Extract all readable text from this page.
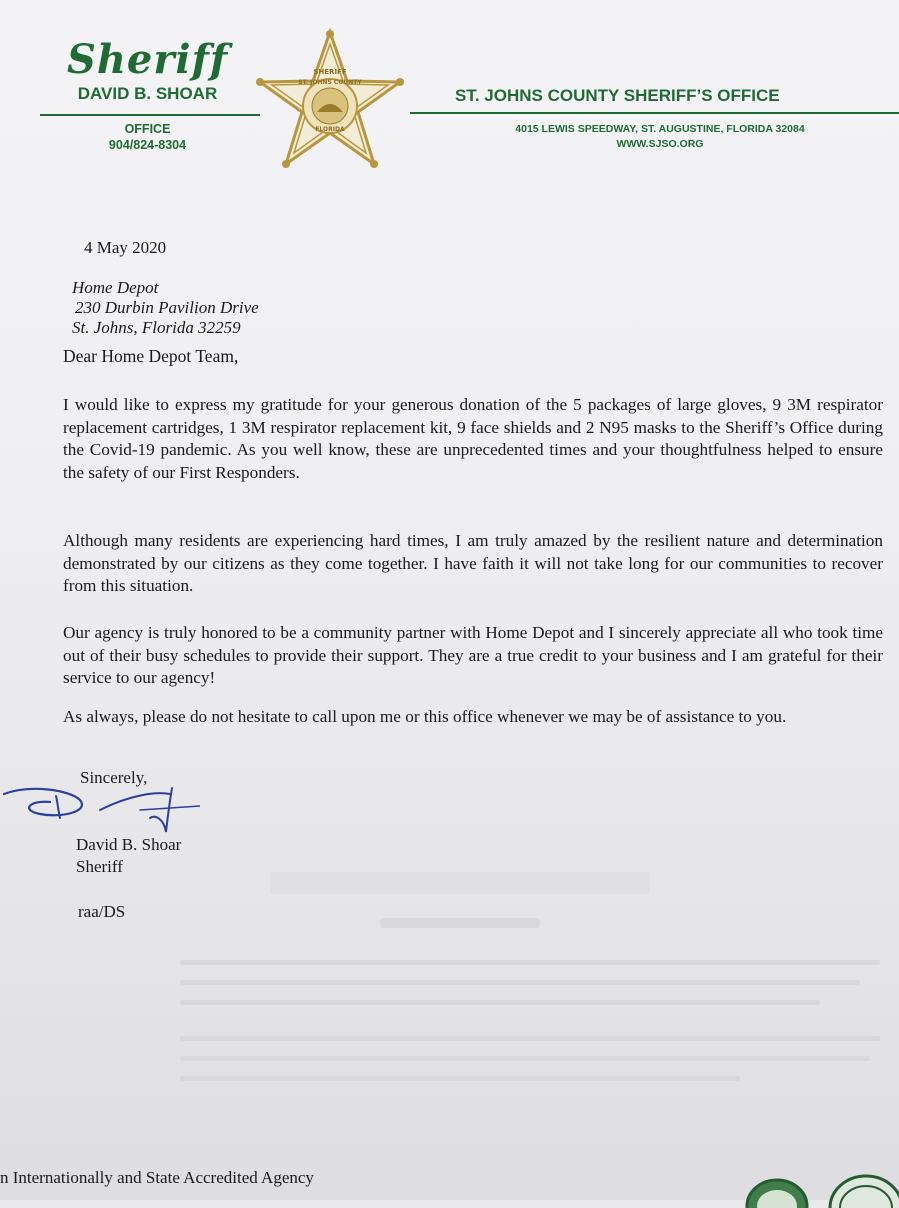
Sheriff
DAVID B. SHOAR
OFFICE
904/824-8304
SHERIFF
ST. JOHNS COUNTY
FLORIDA
ST. JOHNS COUNTY SHERIFF’S OFFICE
4015 LEWIS SPEEDWAY, ST. AUGUSTINE, FLORIDA 32084
WWW.SJSO.ORG
4 May 2020
Home Depot
230 Durbin Pavilion Drive
St. Johns, Florida 32259
Dear Home Depot Team,
I would like to express my gratitude for your generous donation of the 5 packages of large gloves, 9 3M respirator replacement cartridges, 1 3M respirator replacement kit, 9 face shields and 2 N95 masks to the Sheriff’s Office during the Covid-19 pandemic. As you well know, these are unprecedented times and your thoughtfulness helped to ensure the safety of our First Responders.
Although many residents are experiencing hard times, I am truly amazed by the resilient nature and determination demonstrated by our citizens as they come together. I have faith it will not take long for our communities to recover from this situation.
Our agency is truly honored to be a community partner with Home Depot and I sincerely appreciate all who took time out of their busy schedules to provide their support. They are a true credit to your business and I am grateful for their service to our agency!
As always, please do not hesitate to call upon me or this office whenever we may be of assistance to you.
Sincerely,
David B. Shoar
Sheriff
raa/DS
n Internationally and State Accredited Agency
